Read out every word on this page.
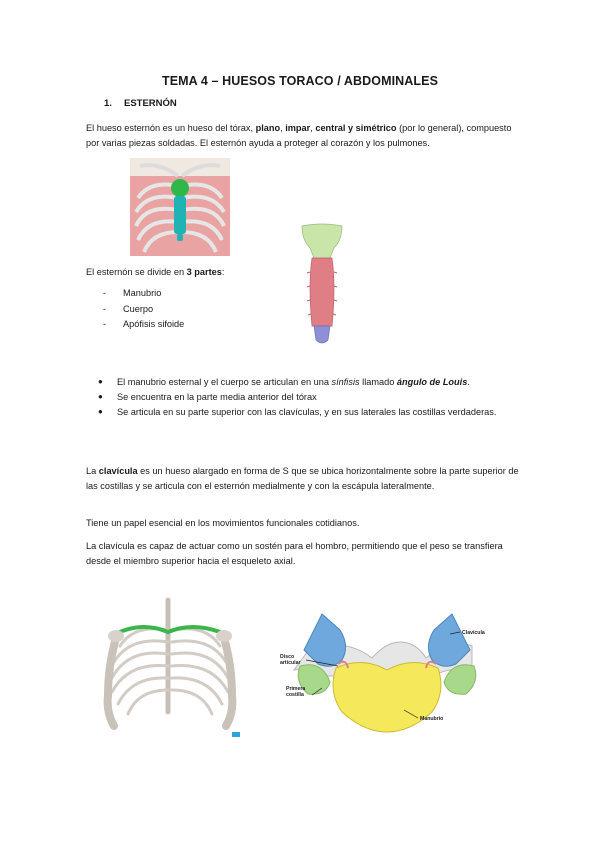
TEMA 4 – HUESOS TORACO / ABDOMINALES
1. ESTERNÓN
El hueso esternón es un hueso del tórax, plano, impar, central y simétrico (por lo general), compuesto por varias piezas soldadas. El esternón ayuda a proteger al corazón y los pulmones.
El esternón se divide en 3 partes:
-	Manubrio
-	Cuerpo
-	Apófisis sifoide
●	El manubrio esternal y el cuerpo se articulan en una sínfisis llamado ángulo de Louis.
●	Se encuentra en la parte media anterior del tórax
●	Se articula en su parte superior con las clavículas, y en sus laterales las costillas verdaderas.
La clavícula es un hueso alargado en forma de S que se ubica horizontalmente sobre la parte superior de las costillas y se articula con el esternón medialmente y con la escápula lateralmente.
Tiene un papel esencial en los movimientos funcionales cotidianos.
La clavícula es capaz de actuar como un sostén para el hombro, permitiendo que el peso se transfiera desde el miembro superior hacia el esqueleto axial.
Clavícula
Disco
articular
Primera
costilla
Manubrio
